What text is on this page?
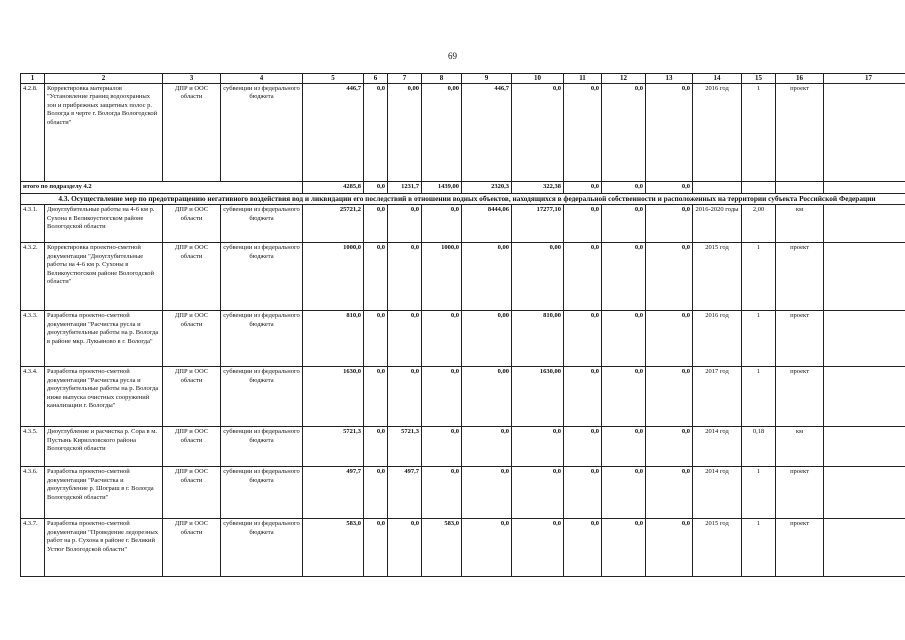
69
1	2	3	4	5	6	7	8	9	10	11	12	13	14	15	16	17
4.2.8.	Корректировка материалов "Установление границ водоохранных зон и прибрежных защитных полос р. Вологда в черте г. Вологда Вологодской области"	ДПР и ООС области	субвенции из федерального бюджета	446,7	0,0	0,00	0,00	446,7	0,0	0,0	0,0	0,0	2016 год	1	проект	
итого по подразделу 4.2				4285,8	0,0	1231,7	1439,00	2320,3	322,38	0,0	0,0	0,0				
4.3. Осуществление мер по предотвращению негативного воздействия вод и ликвидации его последствий в отношении водных объектов, находящихся в федеральной собственности и расположенных на территории субъекта Российской Федерации																
4.3.1.	Дноуглубительные работы на 4-6 км р. Сухона в Великоустюгском районе Вологодской области	ДПР и ООС области	субвенции из федерального бюджета	25721,2	0,0	0,0	0,0	8444,06	17277,10	0,0	0,0	0,0	2016-2020 годы	2,00	км	
4.3.2.	Корректировка проектно-сметной документации "Дноуглубительные работы на 4-6 км р. Сухоны в Великоустюгском районе Вологодской области"	ДПР и ООС области	субвенции из федерального бюджета	1000,0	0,0	0,0	1000,0	0,00	0,00	0,0	0,0	0,0	2015 год	1	проект	
4.3.3.	Разработка проектно-сметной документации "Расчистка русла и дноуглубительные работы на р. Вологда в районе мкр. Лукьяново в г. Вологда"	ДПР и ООС области	субвенции из федерального бюджета	810,0	0,0	0,0	0,0	0,00	810,00	0,0	0,0	0,0	2016 год	1	проект	
4.3.4.	Разработка проектно-сметной документации "Расчистка русла и дноуглубительные работы на р. Вологда ниже выпуска очистных сооружений канализации г. Вологды"	ДПР и ООС области	субвенции из федерального бюджета	1630,0	0,0	0,0	0,0	0,00	1630,00	0,0	0,0	0,0	2017 год	1	проект	
4.3.5.	Дноуглубление и расчистка р. Сора в м. Пустынь Кирилловского района Вологодской области	ДПР и ООС области	субвенции из федерального бюджета	5721,3	0,0	5721,3	0,0	0,0	0,0	0,0	0,0	0,0	2014 год	0,18	км	
4.3.6.	Разработка проектно-сметной документации "Расчистка и дноуглубление р. Шограш в г. Вологда Вологодской области"	ДПР и ООС области	субвенции из федерального бюджета	497,7	0,0	497,7	0,0	0,0	0,0	0,0	0,0	0,0	2014 год	1	проект	
4.3.7.	Разработка проектно-сметной документации "Проведение ледорезных работ на р. Сухона в районе г. Великий Устюг Вологодской области"	ДПР и ООС области	субвенции из федерального бюджета	583,0	0,0	0,0	583,0	0,0	0,0	0,0	0,0	0,0	2015 год	1	проект	
